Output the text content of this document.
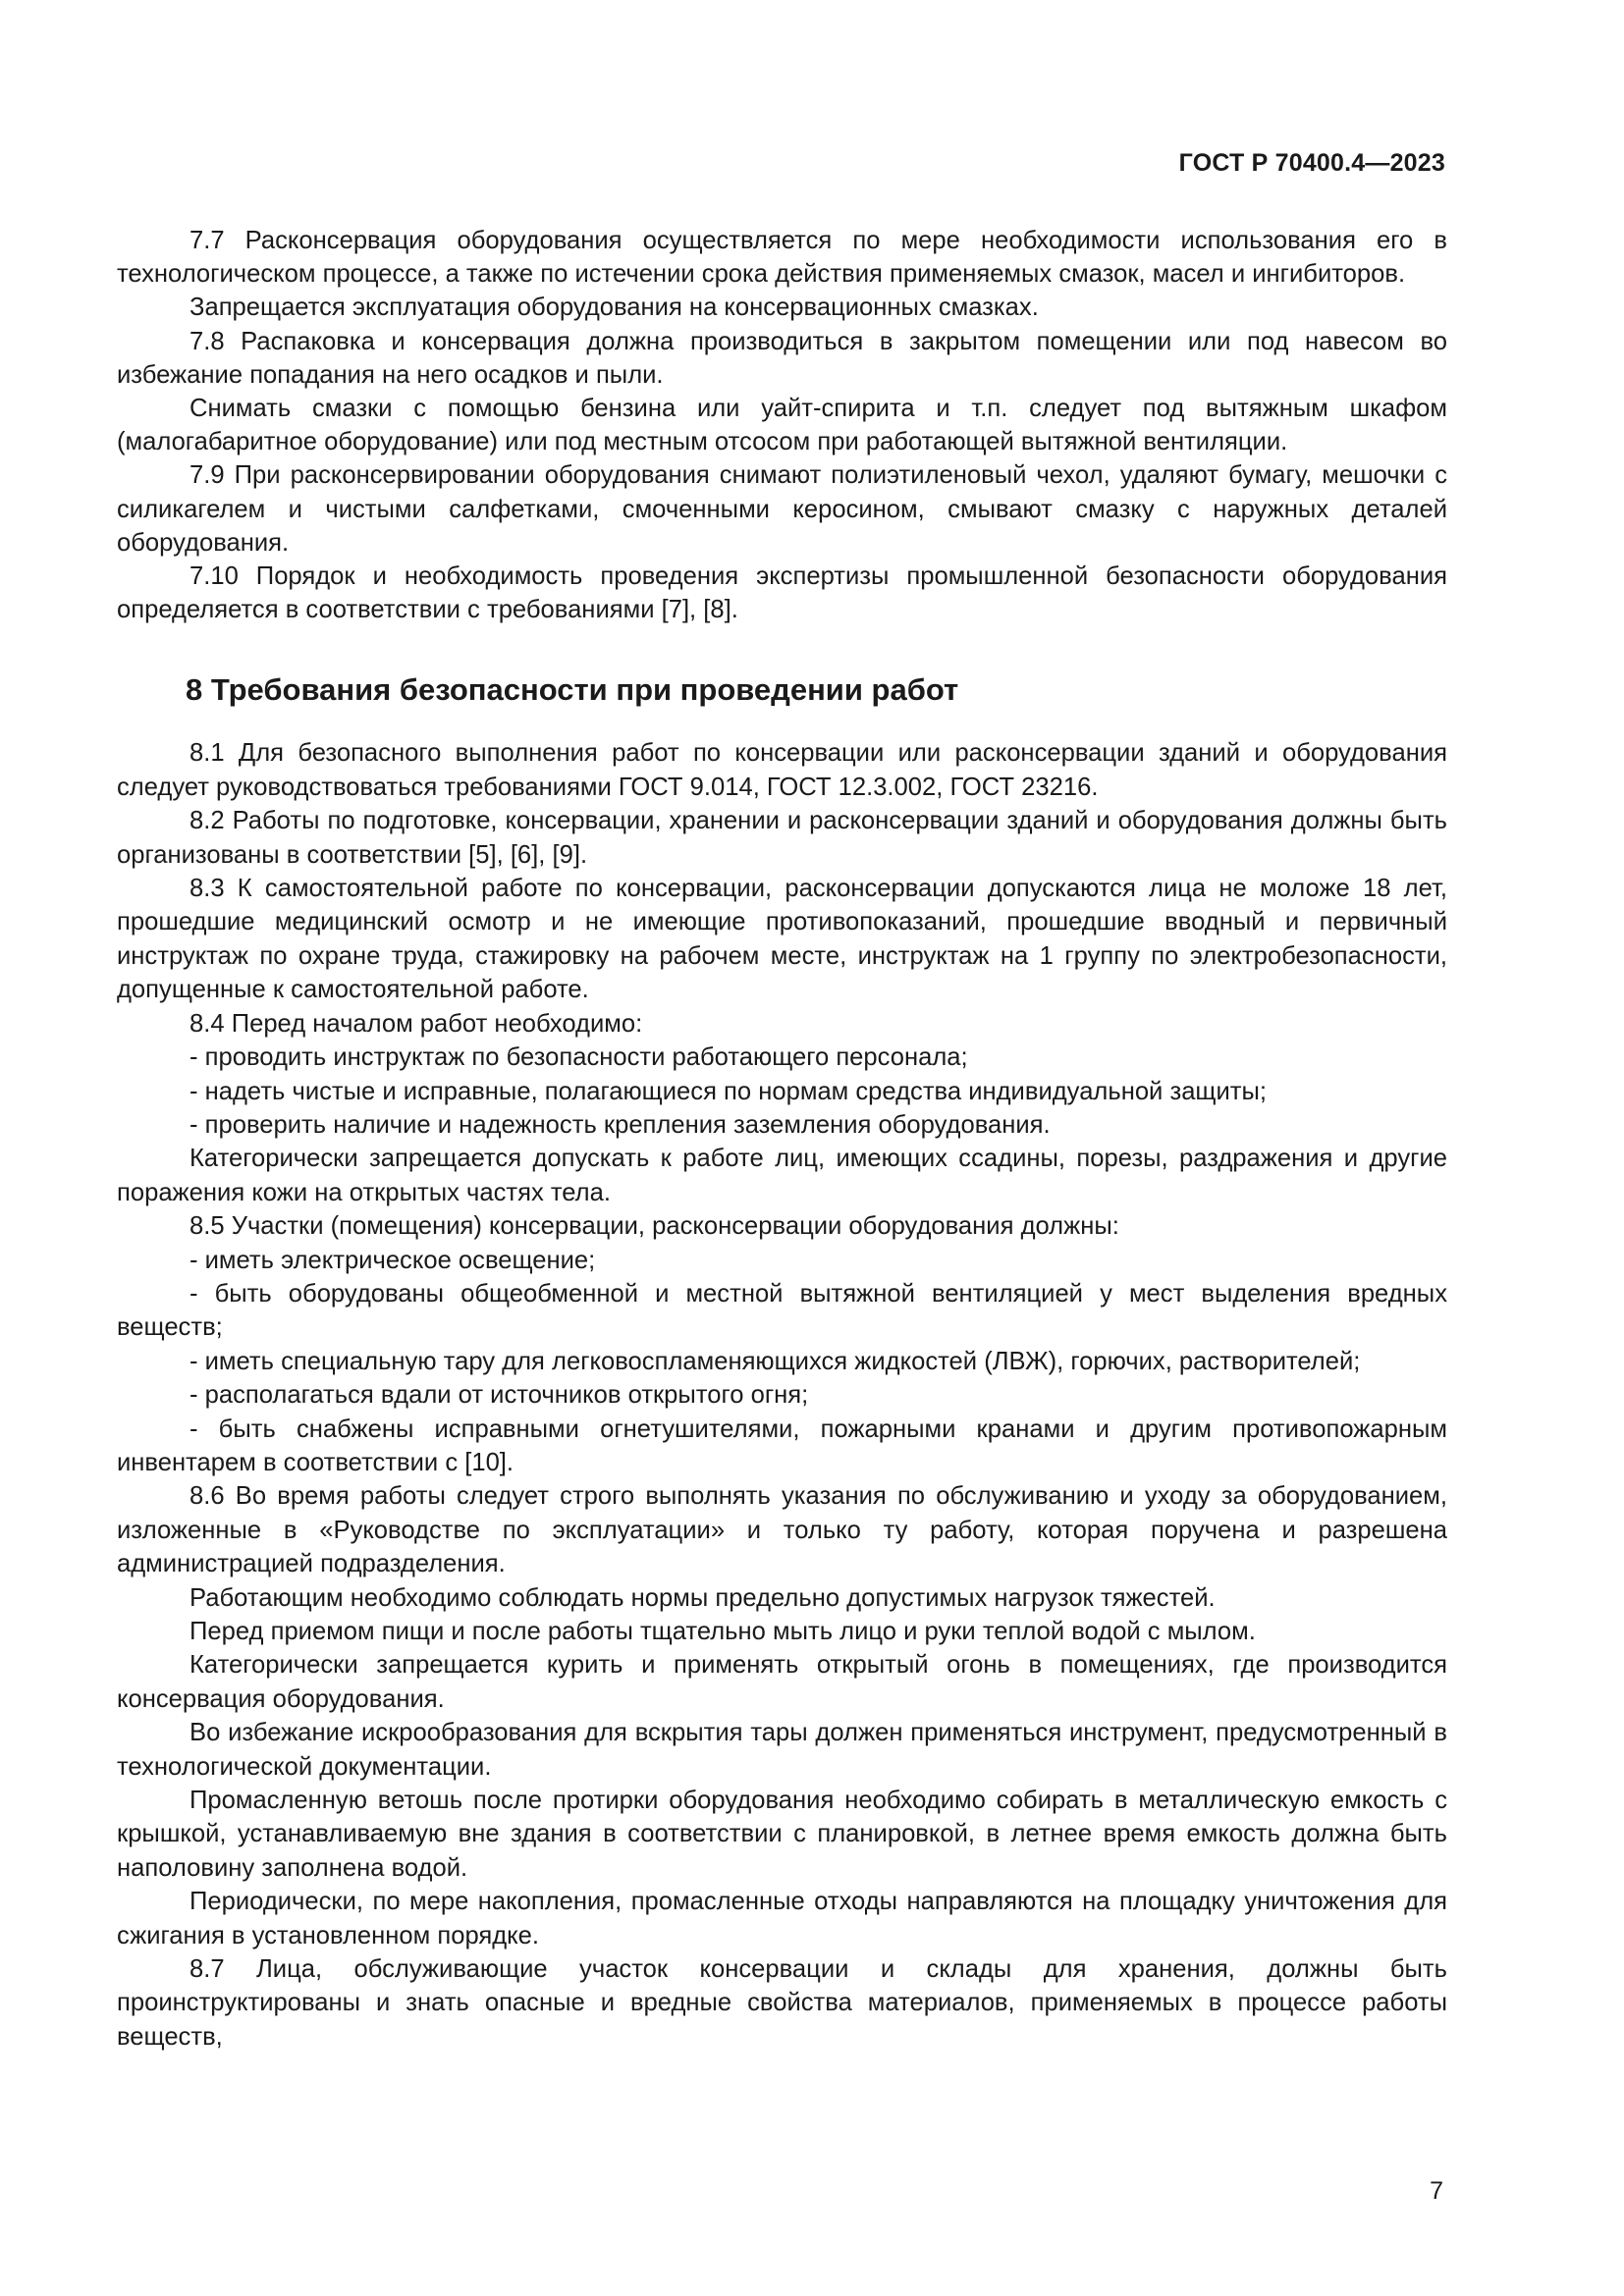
ГОСТ Р 70400.4—2023

7.7 Расконсервация оборудования осуществляется по мере необходимости использования его в технологическом процессе, а также по истечении срока действия применяемых смазок, масел и ингибиторов.

Запрещается эксплуатация оборудования на консервационных смазках.

7.8 Распаковка и консервация должна производиться в закрытом помещении или под навесом во избежание попадания на него осадков и пыли.

Снимать смазки с помощью бензина или уайт-спирита и т.п. следует под вытяжным шкафом (малогабаритное оборудование) или под местным отсосом при работающей вытяжной вентиляции.

7.9 При расконсервировании оборудования снимают полиэтиленовый чехол, удаляют бумагу, мешочки с силикагелем и чистыми салфетками, смоченными керосином, смывают смазку с наружных деталей оборудования.

7.10 Порядок и необходимость проведения экспертизы промышленной безопасности оборудования определяется в соответствии с требованиями [7], [8].

8 Требования безопасности при проведении работ

8.1 Для безопасного выполнения работ по консервации или расконсервации зданий и оборудования следует руководствоваться требованиями ГОСТ 9.014, ГОСТ 12.3.002, ГОСТ 23216.

8.2 Работы по подготовке, консервации, хранении и расконсервации зданий и оборудования должны быть организованы в соответствии [5], [6], [9].

8.3 К самостоятельной работе по консервации, расконсервации допускаются лица не моложе 18 лет, прошедшие медицинский осмотр и не имеющие противопоказаний, прошедшие вводный и первичный инструктаж по охране труда, стажировку на рабочем месте, инструктаж на 1 группу по электробезопасности, допущенные к самостоятельной работе.

8.4 Перед началом работ необходимо:

- проводить инструктаж по безопасности работающего персонала;

- надеть чистые и исправные, полагающиеся по нормам средства индивидуальной защиты;

- проверить наличие и надежность крепления заземления оборудования.

Категорически запрещается допускать к работе лиц, имеющих ссадины, порезы, раздражения и другие поражения кожи на открытых частях тела.

8.5 Участки (помещения) консервации, расконсервации оборудования должны:

- иметь электрическое освещение;

- быть оборудованы общеобменной и местной вытяжной вентиляцией у мест выделения вредных веществ;

- иметь специальную тару для легковоспламеняющихся жидкостей (ЛВЖ), горючих, растворителей;

- располагаться вдали от источников открытого огня;

- быть снабжены исправными огнетушителями, пожарными кранами и другим противопожарным инвентарем в соответствии с [10].

8.6 Во время работы следует строго выполнять указания по обслуживанию и уходу за оборудованием, изложенные в «Руководстве по эксплуатации» и только ту работу, которая поручена и разрешена администрацией подразделения.

Работающим необходимо соблюдать нормы предельно допустимых нагрузок тяжестей.

Перед приемом пищи и после работы тщательно мыть лицо и руки теплой водой с мылом.

Категорически запрещается курить и применять открытый огонь в помещениях, где производится консервация оборудования.

Во избежание искрообразования для вскрытия тары должен применяться инструмент, предусмотренный в технологической документации.

Промасленную ветошь после протирки оборудования необходимо собирать в металлическую емкость с крышкой, устанавливаемую вне здания в соответствии с планировкой, в летнее время емкость должна быть наполовину заполнена водой.

Периодически, по мере накопления, промасленные отходы направляются на площадку уничтожения для сжигания в установленном порядке.

8.7 Лица, обслуживающие участок консервации и склады для хранения, должны быть проинструктированы и знать опасные и вредные свойства материалов, применяемых в процессе работы веществ,

7
